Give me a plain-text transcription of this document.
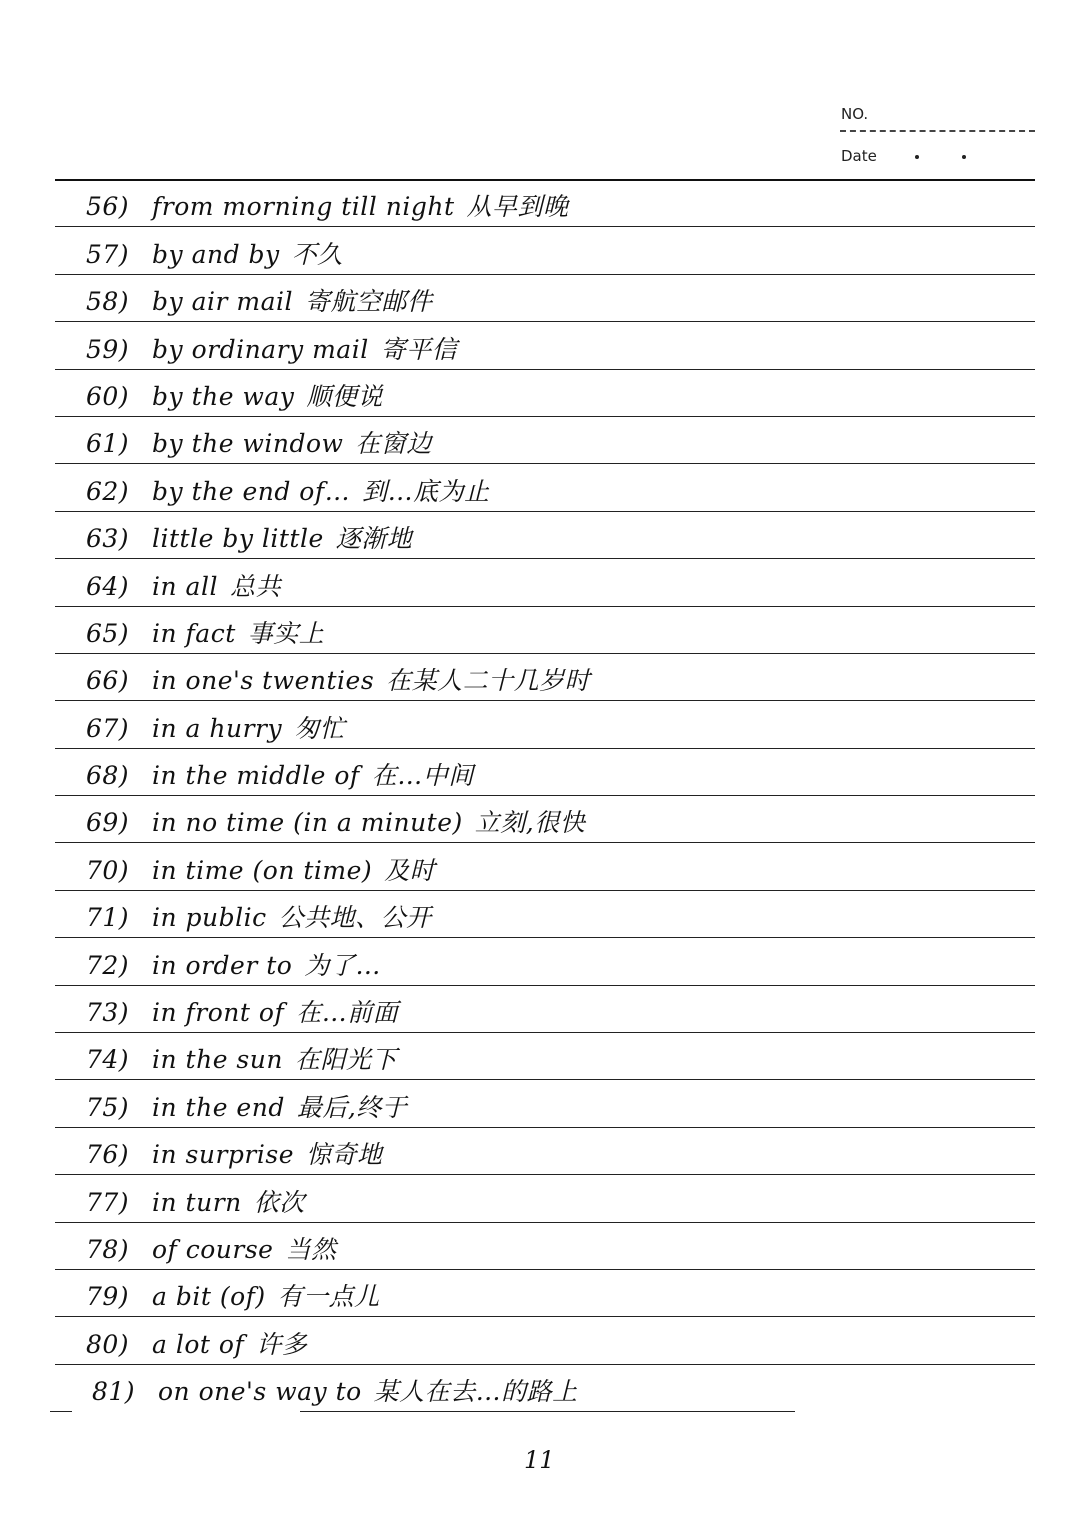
NO.
Date
56) from morning till night 从早到晚
57) by and by 不久
58) by air mail 寄航空邮件
59) by ordinary mail 寄平信
60) by the way 顺便说
61) by the window 在窗边
62) by the end of… 到…底为止
63) little by little 逐渐地
64) in all 总共
65) in fact 事实上
66) in one's twenties 在某人二十几岁时
67) in a hurry 匆忙
68) in the middle of 在…中间
69) in no time (in a minute) 立刻,很快
70) in time (on time) 及时
71) in public 公共地、公开
72) in order to 为了…
73) in front of 在…前面
74) in the sun 在阳光下
75) in the end 最后,终于
76) in surprise 惊奇地
77) in turn 依次
78) of course 当然
79) a bit (of) 有一点儿
80) a lot of 许多
81) on one's way to 某人在去…的路上
11
